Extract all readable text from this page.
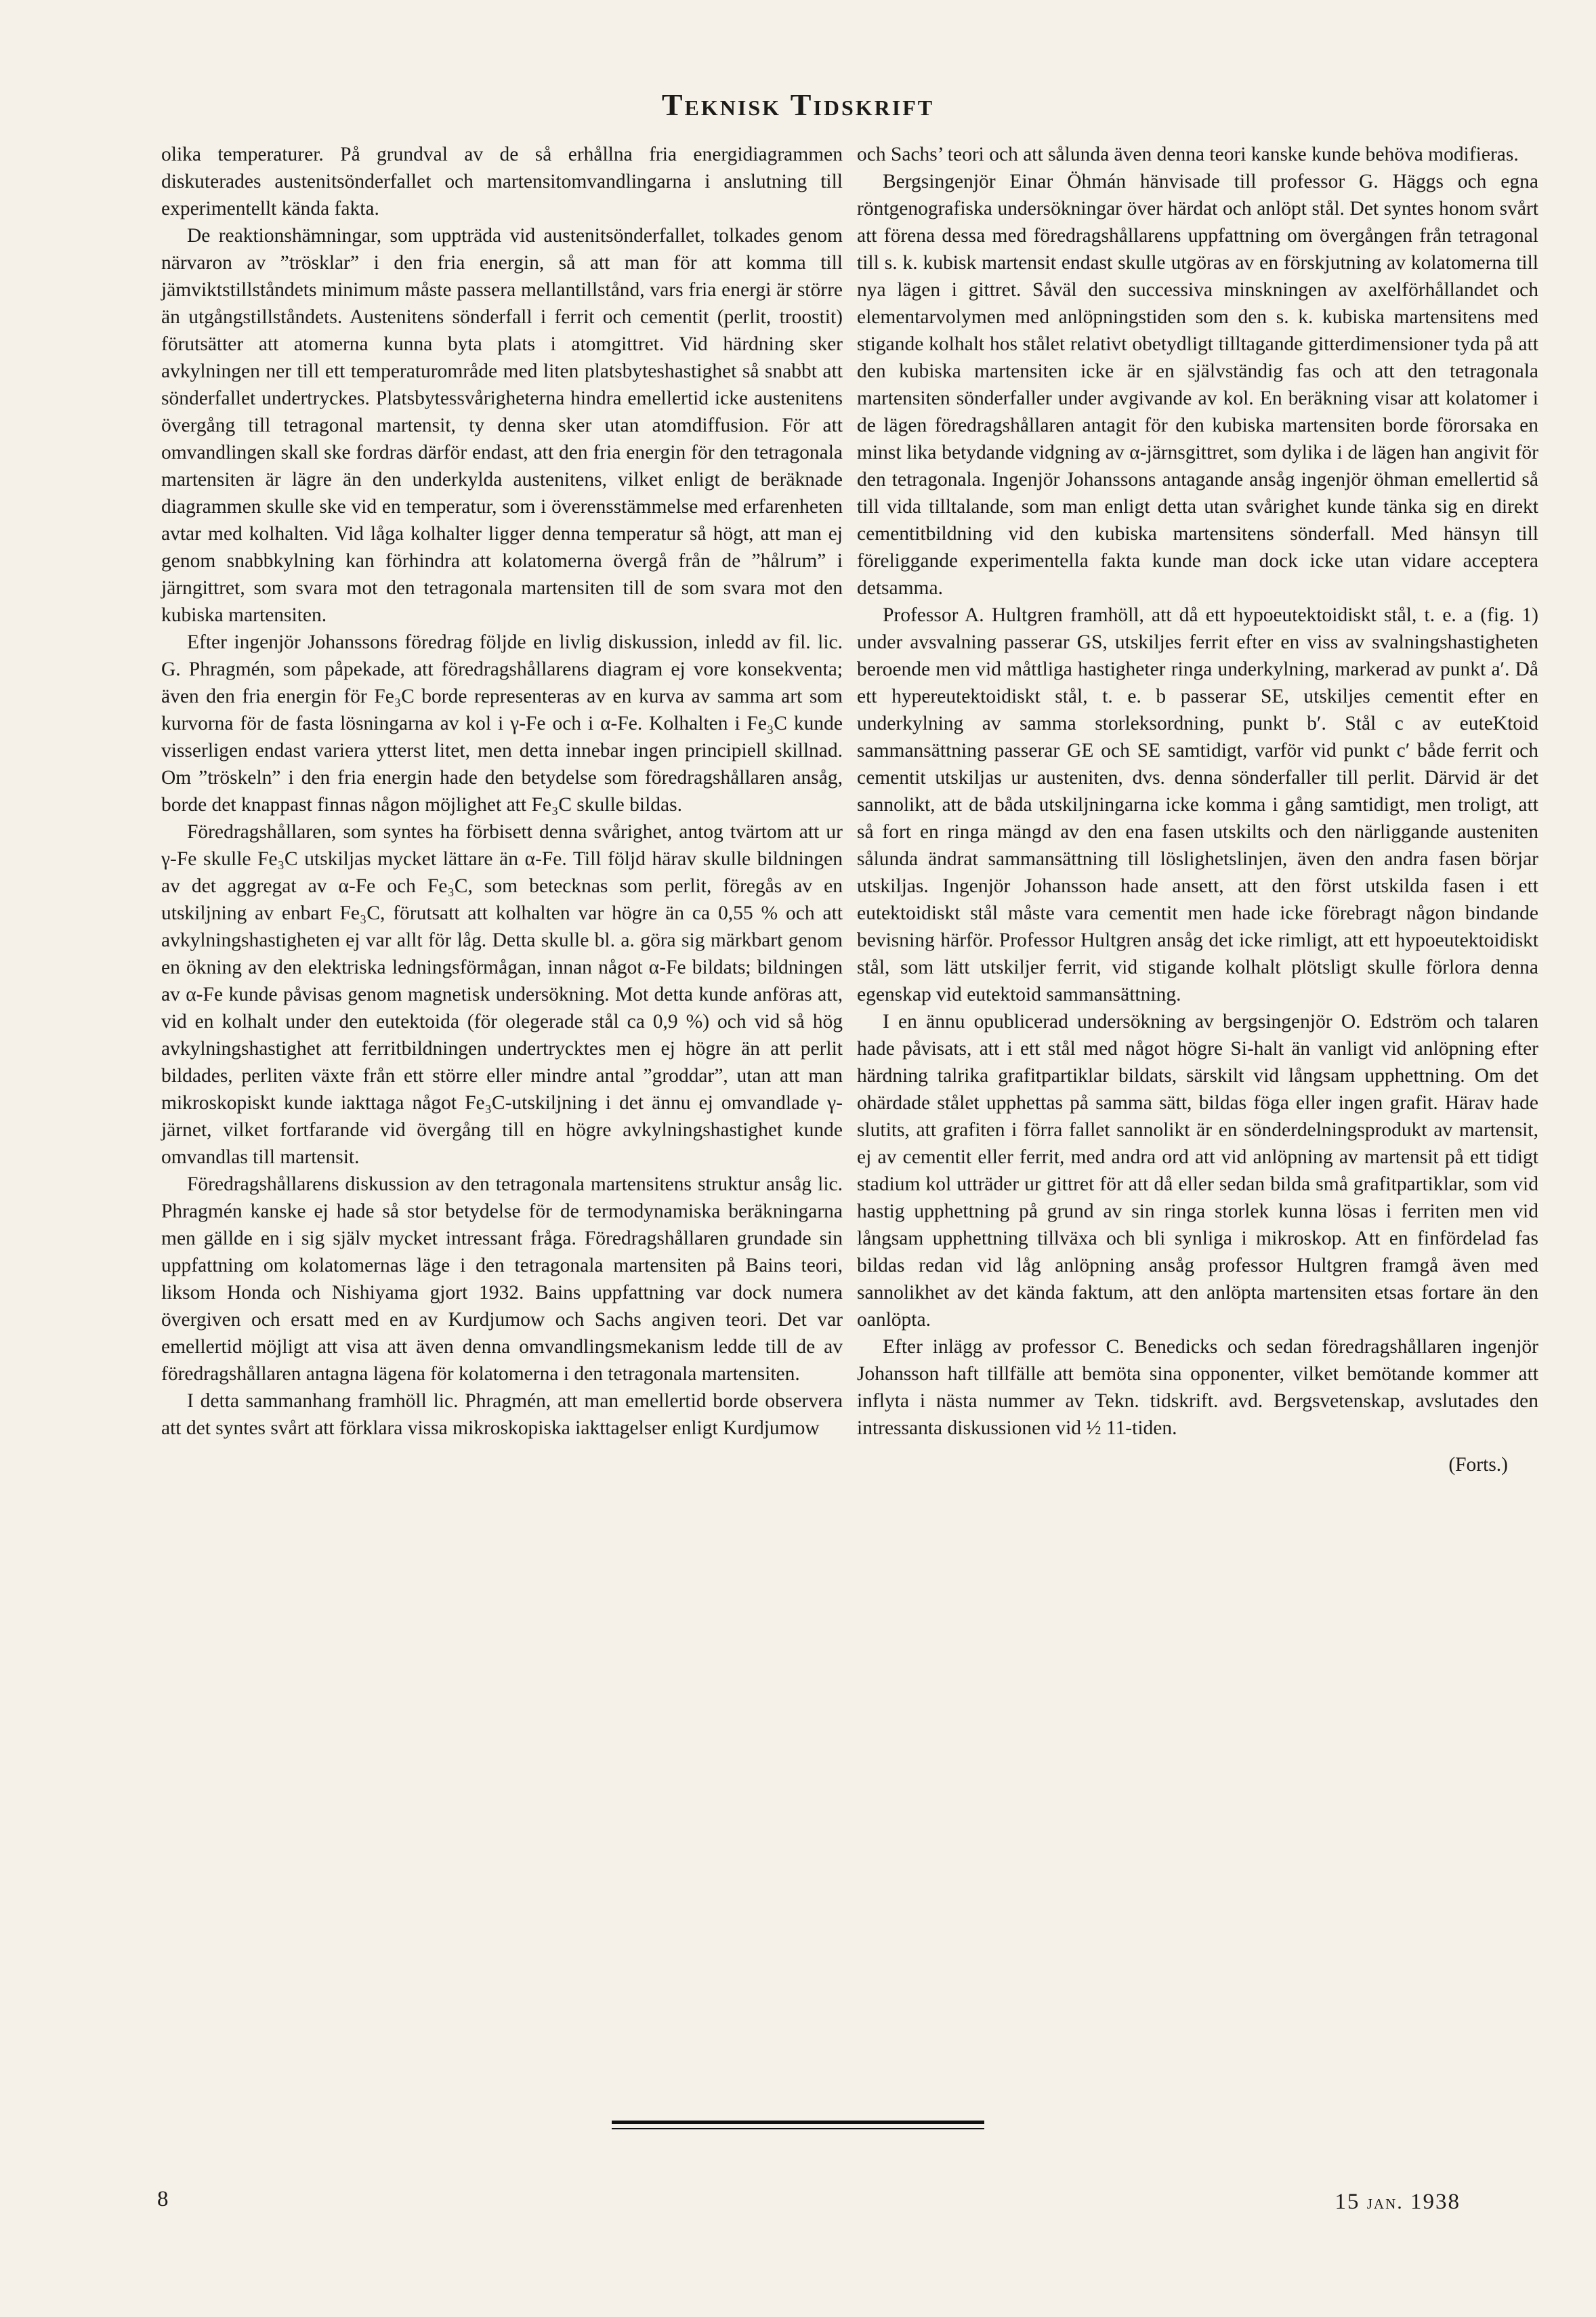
Teknisk Tidskrift

olika temperaturer. På grundval av de så erhållna fria energidiagrammen diskuterades austenitsönderfallet och martensitomvandlingarna i anslutning till experimentellt kända fakta.

De reaktionshämningar, som uppträda vid austenitsönderfallet, tolkades genom närvaron av ”trösklar” i den fria energin, så att man för att komma till jämviktstillståndets minimum måste passera mellantillstånd, vars fria energi är större än utgångstillståndets. Austenitens sönderfall i ferrit och cementit (perlit, troostit) förutsätter att atomerna kunna byta plats i atomgittret. Vid härdning sker avkylningen ner till ett temperaturområde med liten platsbyteshastighet så snabbt att sönderfallet undertryckes. Platsbytessvårigheterna hindra emellertid icke austenitens övergång till tetragonal martensit, ty denna sker utan atomdiffusion. För att omvandlingen skall ske fordras därför endast, att den fria energin för den tetragonala martensiten är lägre än den underkylda austenitens, vilket enligt de beräknade diagrammen skulle ske vid en temperatur, som i överensstämmelse med erfarenheten avtar med kolhalten. Vid låga kolhalter ligger denna temperatur så högt, att man ej genom snabbkylning kan förhindra att kolatomerna övergå från de ”hålrum” i järngittret, som svara mot den tetragonala martensiten till de som svara mot den kubiska martensiten.

Efter ingenjör Johanssons föredrag följde en livlig diskussion, inledd av fil. lic. G. Phragmén, som påpekade, att föredragshållarens diagram ej vore konsekventa; även den fria energin för Fe₃C borde representeras av en kurva av samma art som kurvorna för de fasta lösningarna av kol i γ-Fe och i α-Fe. Kolhalten i Fe₃C kunde visserligen endast variera ytterst litet, men detta innebar ingen principiell skillnad. Om ”tröskeln” i den fria energin hade den betydelse som föredragshållaren ansåg, borde det knappast finnas någon möjlighet att Fe₃C skulle bildas.

Föredragshållaren, som syntes ha förbisett denna svårighet, antog tvärtom att ur γ-Fe skulle Fe₃C utskiljas mycket lättare än α-Fe. Till följd härav skulle bildningen av det aggregat av α-Fe och Fe₃C, som betecknas som perlit, föregås av en utskiljning av enbart Fe₃C, förutsatt att kolhalten var högre än ca 0,55 % och att avkylningshastigheten ej var allt för låg. Detta skulle bl. a. göra sig märkbart genom en ökning av den elektriska ledningsförmågan, innan något α-Fe bildats; bildningen av α-Fe kunde påvisas genom magnetisk undersökning. Mot detta kunde anföras att, vid en kolhalt under den eutektoida (för olegerade stål ca 0,9 %) och vid så hög avkylningshastighet att ferritbildningen undertrycktes men ej högre än att perlit bildades, perliten växte från ett större eller mindre antal ”groddar”, utan att man mikroskopiskt kunde iakttaga något Fe₃C-utskiljning i det ännu ej omvandlade γ-järnet, vilket fortfarande vid övergång till en högre avkylningshastighet kunde omvandlas till martensit.

Föredragshållarens diskussion av den tetragonala martensitens struktur ansåg lic. Phragmén kanske ej hade så stor betydelse för de termodynamiska beräkningarna men gällde en i sig själv mycket intressant fråga. Föredragshållaren grundade sin uppfattning om kolatomernas läge i den tetragonala martensiten på Bains teori, liksom Honda och Nishiyama gjort 1932. Bains uppfattning var dock numera övergiven och ersatt med en av Kurdjumow och Sachs angiven teori. Det var emellertid möjligt att visa att även denna omvandlingsmekanism ledde till de av föredragshållaren antagna lägena för kolatomerna i den tetragonala martensiten.

I detta sammanhang framhöll lic. Phragmén, att man emellertid borde observera att det syntes svårt att förklara vissa mikroskopiska iakttagelser enligt Kurdjumow

och Sachs’ teori och att sålunda även denna teori kanske kunde behöva modifieras.

Bergsingenjör Einar Öhmán hänvisade till professor G. Häggs och egna röntgenografiska undersökningar över härdat och anlöpt stål. Det syntes honom svårt att förena dessa med föredragshållarens uppfattning om övergången från tetragonal till s. k. kubisk martensit endast skulle utgöras av en förskjutning av kolatomerna till nya lägen i gittret. Såväl den successiva minskningen av axelförhållandet och elementarvolymen med anlöpningstiden som den s. k. kubiska martensitens med stigande kolhalt hos stålet relativt obetydligt tilltagande gitterdimensioner tyda på att den kubiska martensiten icke är en självständig fas och att den tetragonala martensiten sönderfaller under avgivande av kol. En beräkning visar att kolatomer i de lägen föredragshållaren antagit för den kubiska martensiten borde förorsaka en minst lika betydande vidgning av α-järnsgittret, som dylika i de lägen han angivit för den tetragonala. Ingenjör Johanssons antagande ansåg ingenjör öhman emellertid så till vida tilltalande, som man enligt detta utan svårighet kunde tänka sig en direkt cementitbildning vid den kubiska martensitens sönderfall. Med hänsyn till föreliggande experimentella fakta kunde man dock icke utan vidare acceptera detsamma.

Professor A. Hultgren framhöll, att då ett hypoeutektoidiskt stål, t. e. a (fig. 1) under avsvalning passerar GS, utskiljes ferrit efter en viss av svalningshastigheten beroende men vid måttliga hastigheter ringa underkylning, markerad av punkt a′. Då ett hypereutektoidiskt stål, t. e. b passerar SE, utskiljes cementit efter en underkylning av samma storleksordning, punkt b′. Stål c av euteKtoid sammansättning passerar GE och SE samtidigt, varför vid punkt c′ både ferrit och cementit utskiljas ur austeniten, dvs. denna sönderfaller till perlit. Därvid är det sannolikt, att de båda utskiljningarna icke komma i gång samtidigt, men troligt, att så fort en ringa mängd av den ena fasen utskilts och den närliggande austeniten sålunda ändrat sammansättning till löslighetslinjen, även den andra fasen börjar utskiljas. Ingenjör Johansson hade ansett, att den först utskilda fasen i ett eutektoidiskt stål måste vara cementit men hade icke förebragt någon bindande bevisning härför. Professor Hultgren ansåg det icke rimligt, att ett hypoeutektoidiskt stål, som lätt utskiljer ferrit, vid stigande kolhalt plötsligt skulle förlora denna egenskap vid eutektoid sammansättning.

I en ännu opublicerad undersökning av bergsingenjör O. Edström och talaren hade påvisats, att i ett stål med något högre Si-halt än vanligt vid anlöpning efter härdning talrika grafitpartiklar bildats, särskilt vid långsam upphettning. Om det ohärdade stålet upphettas på samma sätt, bildas föga eller ingen grafit. Härav hade slutits, att grafiten i förra fallet sannolikt är en sönderdelningsprodukt av martensit, ej av cementit eller ferrit, med andra ord att vid anlöpning av martensit på ett tidigt stadium kol utträder ur gittret för att då eller sedan bilda små grafitpartiklar, som vid hastig upphettning på grund av sin ringa storlek kunna lösas i ferriten men vid långsam upphettning tillväxa och bli synliga i mikroskop. Att en finfördelad fas bildas redan vid låg anlöpning ansåg professor Hultgren framgå även med sannolikhet av det kända faktum, att den anlöpta martensiten etsas fortare än den oanlöpta.

Efter inlägg av professor C. Benedicks och sedan föredragshållaren ingenjör Johansson haft tillfälle att bemöta sina opponenter, vilket bemötande kommer att inflyta i nästa nummer av Tekn. tidskrift. avd. Bergsvetenskap, avslutades den intressanta diskussionen vid ½ 11-tiden.

(Forts.)

8	15 jan. 1938
